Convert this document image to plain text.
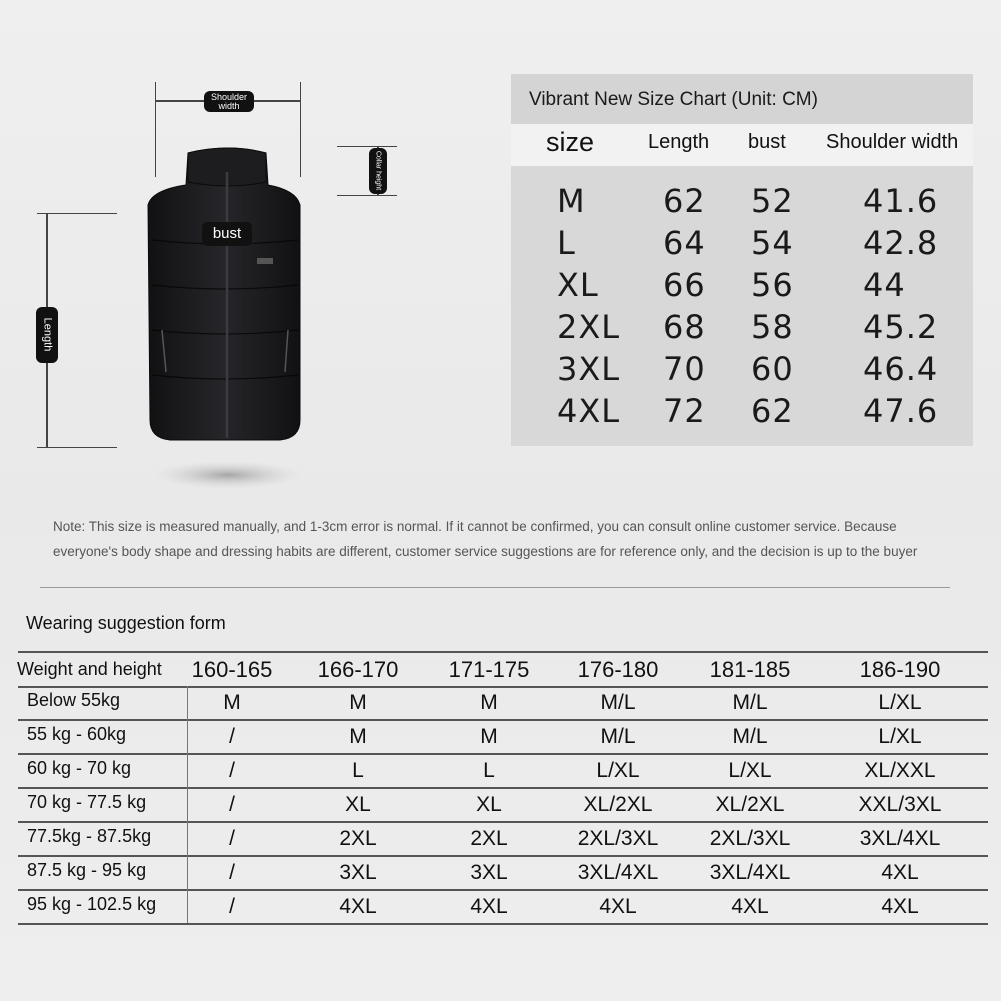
Shoulder width
Collar height
bust
Length
Vibrant New Size Chart (Unit: CM)
size	Length bust Shoulder width
M 62 52 41.6
L	64 54 42.8
XL 66 56 44
2XL 68 58 45.2
3XL 70 60 46.4
4XL 72 62 47.6
Note: This size is measured manually, and 1-3cm error is normal. If it cannot be confirmed, you can consult online customer service. Because everyone's body shape and dressing habits are different, customer service suggestions are for reference only, and the decision is up to the buyer
Wearing suggestion form
Weight and height 160-165 166-170 171-175 176-180 181-185	186-190
Below 55kg	M	M	M	M/L	M/L	L/XL
55 kg - 60kg	/	M	M	M/L	M/L	L/XL
60 kg - 70 kg	/	L	L	L/XL	L/XL	XL/XXL
70 kg - 77.5 kg	/	XL	XL	XL/2XL	XL/2XL	XXL/3XL
77.5kg - 87.5kg	/	2XL	2XL	2XL/3XL 2XL/3XL	3XL/4XL
87.5 kg - 95 kg	/	3XL	3XL	3XL/4XL 3XL/4XL	4XL
95 kg - 102.5 kg	/	4XL	4XL	4XL	4XL	4XL
